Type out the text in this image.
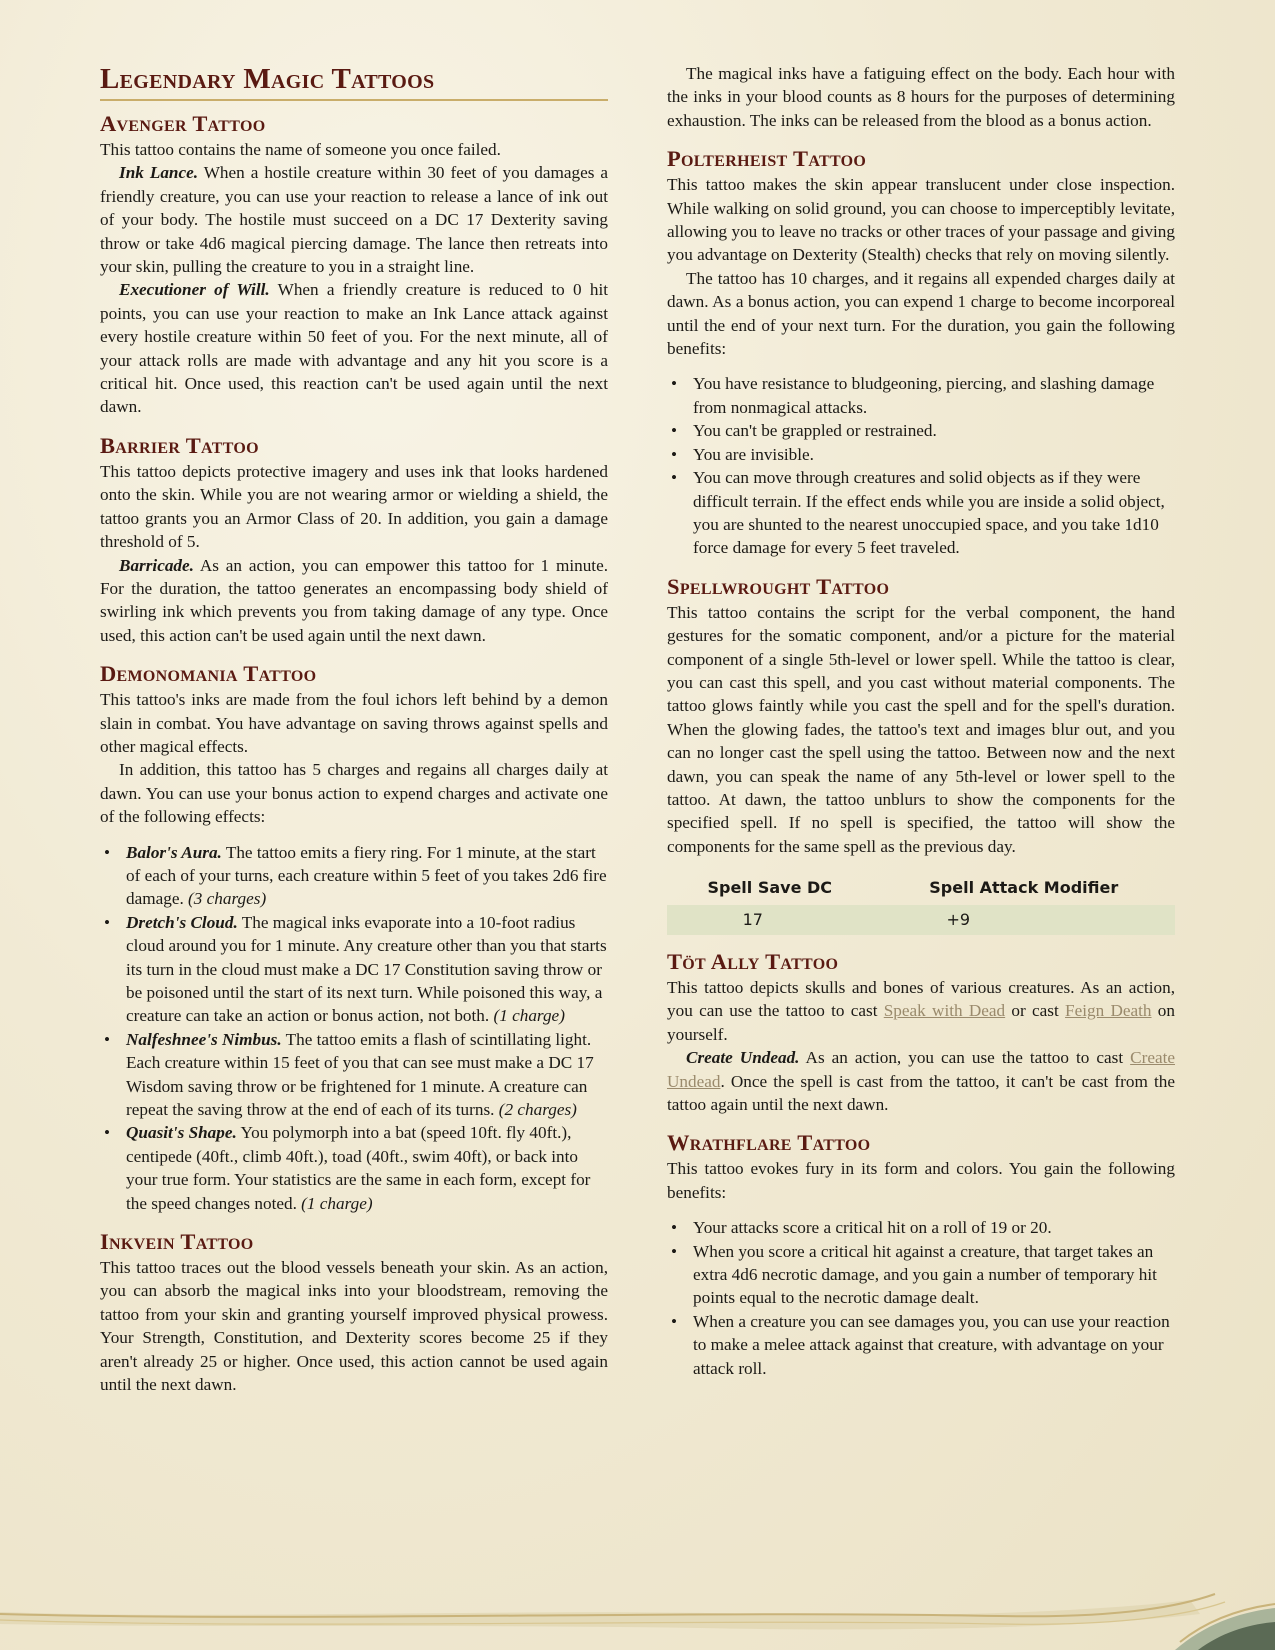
Legendary Magic Tattoos
Avenger Tattoo

This tattoo contains the name of someone you once failed.

Ink Lance. When a hostile creature within 30 feet of you damages a friendly creature, you can use your reaction to release a lance of ink out of your body. The hostile must succeed on a DC 17 Dexterity saving throw or take 4d6 magical piercing damage. The lance then retreats into your skin, pulling the creature to you in a straight line.

Executioner of Will. When a friendly creature is reduced to 0 hit points, you can use your reaction to make an Ink Lance attack against every hostile creature within 50 feet of you. For the next minute, all of your attack rolls are made with advantage and any hit you score is a critical hit. Once used, this reaction can't be used again until the next dawn.

Barrier Tattoo

This tattoo depicts protective imagery and uses ink that looks hardened onto the skin. While you are not wearing armor or wielding a shield, the tattoo grants you an Armor Class of 20. In addition, you gain a damage threshold of 5.

Barricade. As an action, you can empower this tattoo for 1 minute. For the duration, the tattoo generates an encompassing body shield of swirling ink which prevents you from taking damage of any type. Once used, this action can't be used again until the next dawn.

Demonomania Tattoo

This tattoo's inks are made from the foul ichors left behind by a demon slain in combat. You have advantage on saving throws against spells and other magical effects.

In addition, this tattoo has 5 charges and regains all charges daily at dawn. You can use your bonus action to expend charges and activate one of the following effects:

• Balor's Aura. The tattoo emits a fiery ring. For 1 minute, at the start of each of your turns, each creature within 5 feet of you takes 2d6 fire damage. (3 charges)
• Dretch's Cloud. The magical inks evaporate into a 10-foot radius cloud around you for 1 minute. Any creature other than you that starts its turn in the cloud must make a DC 17 Constitution saving throw or be poisoned until the start of its next turn. While poisoned this way, a creature can take an action or bonus action, not both. (1 charge)
• Nalfeshnee's Nimbus. The tattoo emits a flash of scintillating light. Each creature within 15 feet of you that can see must make a DC 17 Wisdom saving throw or be frightened for 1 minute. A creature can repeat the saving throw at the end of each of its turns. (2 charges)
• Quasit's Shape. You polymorph into a bat (speed 10ft. fly 40ft.), centipede (40ft., climb 40ft.), toad (40ft., swim 40ft), or back into your true form. Your statistics are the same in each form, except for the speed changes noted. (1 charge)
Inkvein Tattoo

This tattoo traces out the blood vessels beneath your skin. As an action, you can absorb the magical inks into your bloodstream, removing the tattoo from your skin and granting yourself improved physical prowess. Your Strength, Constitution, and Dexterity scores become 25 if they aren't already 25 or higher. Once used, this action cannot be used again until the next dawn.

The magical inks have a fatiguing effect on the body. Each hour with the inks in your blood counts as 8 hours for the purposes of determining exhaustion. The inks can be released from the blood as a bonus action.

Polterheist Tattoo

This tattoo makes the skin appear translucent under close inspection. While walking on solid ground, you can choose to imperceptibly levitate, allowing you to leave no tracks or other traces of your passage and giving you advantage on Dexterity (Stealth) checks that rely on moving silently.

The tattoo has 10 charges, and it regains all expended charges daily at dawn. As a bonus action, you can expend 1 charge to become incorporeal until the end of your next turn. For the duration, you gain the following benefits:

• You have resistance to bludgeoning, piercing, and slashing damage from nonmagical attacks.
• You can't be grappled or restrained.
• You are invisible.
• You can move through creatures and solid objects as if they were difficult terrain. If the effect ends while you are inside a solid object, you are shunted to the nearest unoccupied space, and you take 1d10 force damage for every 5 feet traveled.
Spellwrought Tattoo

This tattoo contains the script for the verbal component, the hand gestures for the somatic component, and/or a picture for the material component of a single 5th-level or lower spell. While the tattoo is clear, you can cast this spell, and you cast without material components. The tattoo glows faintly while you cast the spell and for the spell's duration. When the glowing fades, the tattoo's text and images blur out, and you can no longer cast the spell using the tattoo. Between now and the next dawn, you can speak the name of any 5th-level or lower spell to the tattoo. At dawn, the tattoo unblurs to show the components for the specified spell. If no spell is specified, the tattoo will show the components for the same spell as the previous day.

Spell Save DC	Spell Attack Modifier
17	+9
Töt Ally Tattoo

This tattoo depicts skulls and bones of various creatures. As an action, you can use the tattoo to cast Speak with Dead or cast Feign Death on yourself.

Create Undead. As an action, you can use the tattoo to cast Create Undead. Once the spell is cast from the tattoo, it can't be cast from the tattoo again until the next dawn.

Wrathflare Tattoo

This tattoo evokes fury in its form and colors. You gain the following benefits:

• Your attacks score a critical hit on a roll of 19 or 20.
• When you score a critical hit against a creature, that target takes an extra 4d6 necrotic damage, and you gain a number of temporary hit points equal to the necrotic damage dealt.
• When a creature you can see damages you, you can use your reaction to make a melee attack against that creature, with advantage on your attack roll.
